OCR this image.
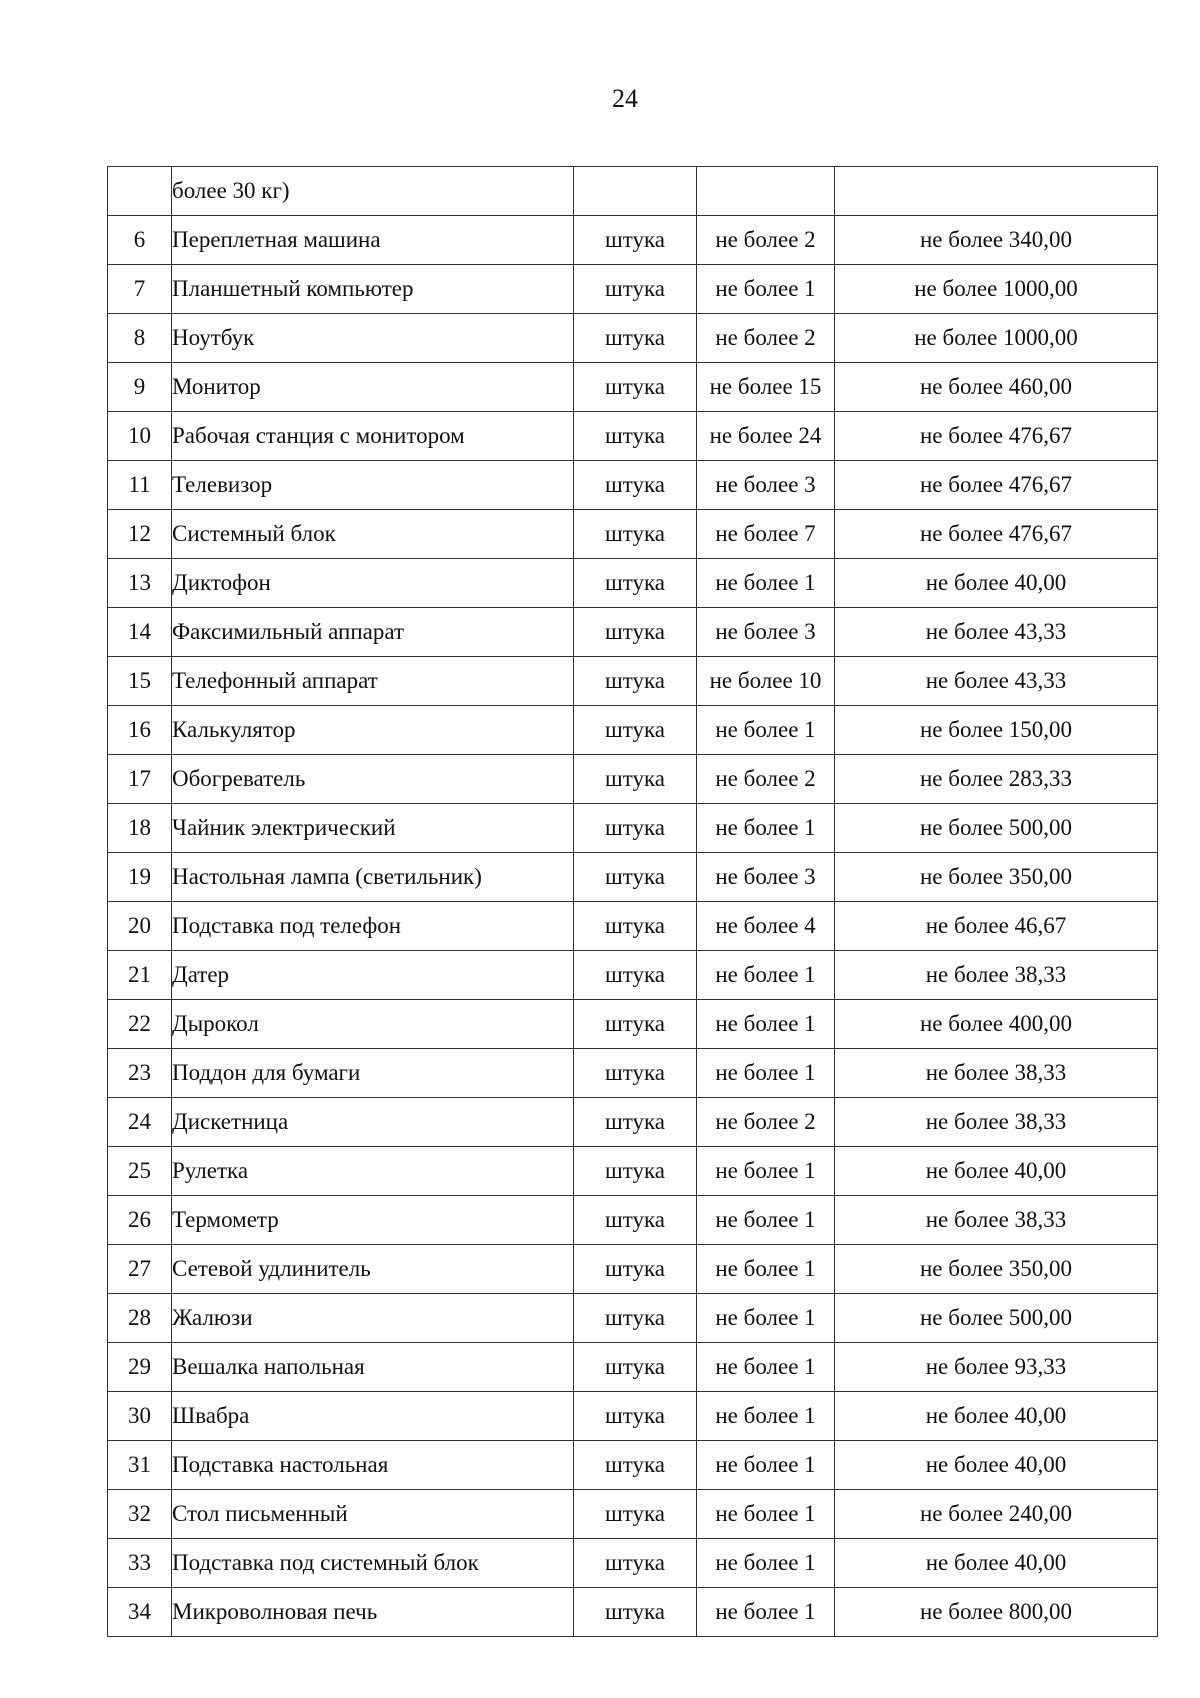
24
	более 30 кг)			
6	Переплетная машина	штука	не более 2	не более 340,00
7	Планшетный компьютер	штука	не более 1	не более 1000,00
8	Ноутбук	штука	не более 2	не более 1000,00
9	Монитор	штука	не более 15	не более 460,00
10	Рабочая станция с монитором	штука	не более 24	не более 476,67
11	Телевизор	штука	не более 3	не более 476,67
12	Системный блок	штука	не более 7	не более 476,67
13	Диктофон	штука	не более 1	не более 40,00
14	Факсимильный аппарат	штука	не более 3	не более 43,33
15	Телефонный аппарат	штука	не более 10	не более 43,33
16	Калькулятор	штука	не более 1	не более 150,00
17	Обогреватель	штука	не более 2	не более 283,33
18	Чайник электрический	штука	не более 1	не более 500,00
19	Настольная лампа (светильник)	штука	не более 3	не более 350,00
20	Подставка под телефон	штука	не более 4	не более 46,67
21	Датер	штука	не более 1	не более 38,33
22	Дырокол	штука	не более 1	не более 400,00
23	Поддон для бумаги	штука	не более 1	не более 38,33
24	Дискетница	штука	не более 2	не более 38,33
25	Рулетка	штука	не более 1	не более 40,00
26	Термометр	штука	не более 1	не более 38,33
27	Сетевой удлинитель	штука	не более 1	не более 350,00
28	Жалюзи	штука	не более 1	не более 500,00
29	Вешалка напольная	штука	не более 1	не более 93,33
30	Швабра	штука	не более 1	не более 40,00
31	Подставка настольная	штука	не более 1	не более 40,00
32	Стол письменный	штука	не более 1	не более 240,00
33	Подставка под системный блок	штука	не более 1	не более 40,00
34	Микроволновая печь	штука	не более 1	не более 800,00
